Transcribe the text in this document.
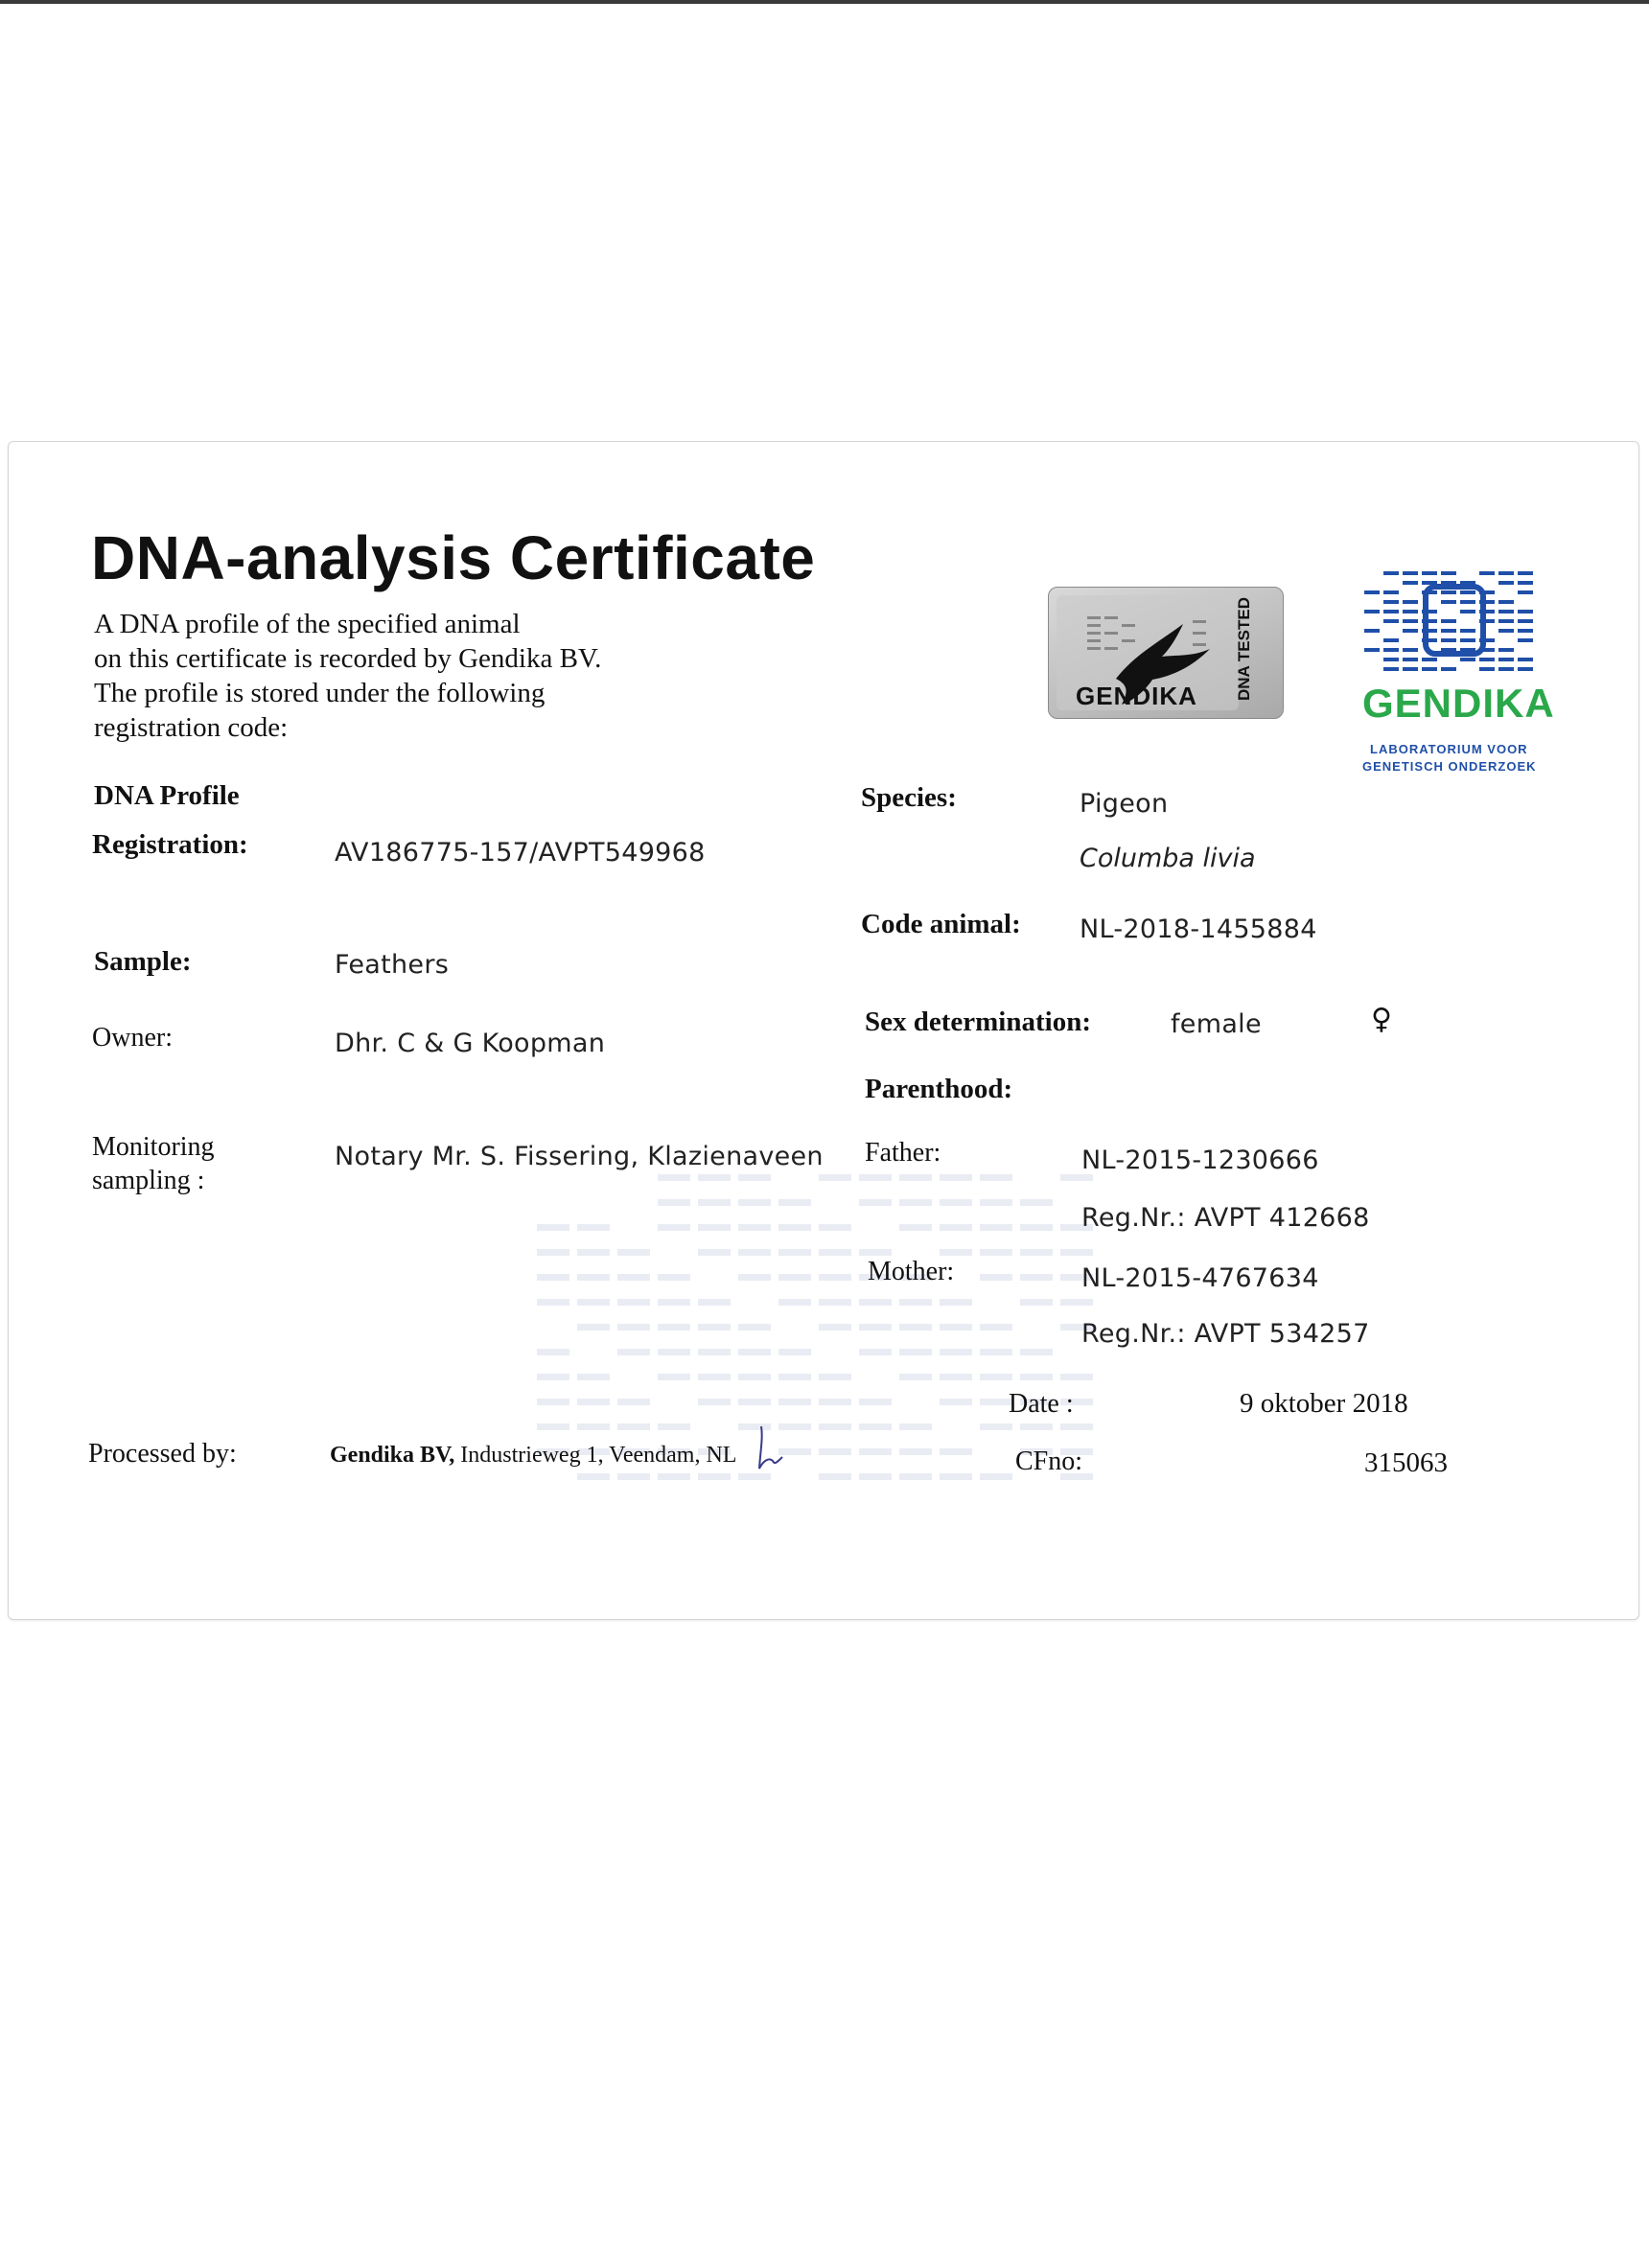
DNA-analysis Certificate
A DNA profile of the specified animal
on this certificate is recorded by Gendika BV.
The profile is stored under the following
registration code:
GENDIKA DNA TESTED
GENDIKA
LABORATORIUM VOOR
GENETISCH ONDERZOEK
DNA Profile
Registration:	AV186775-157/AVPT549968
Sample:	Feathers
Owner:	Dhr. C & G Koopman
Monitoring
sampling :
Notary Mr. S. Fissering, Klazienaveen
Processed by:	Gendika BV, Industrieweg 1, Veendam, NL
Species:	Pigeon
Columba livia
Code animal: NL-2018-1455884
Sex determination:	female	♀
Parenthood:
Father:	NL-2015-1230666
Reg.Nr.: AVPT 412668
Mother:	NL-2015-4767634
Reg.Nr.: AVPT 534257
Date :	9 oktober 2018
CFno:	315063
